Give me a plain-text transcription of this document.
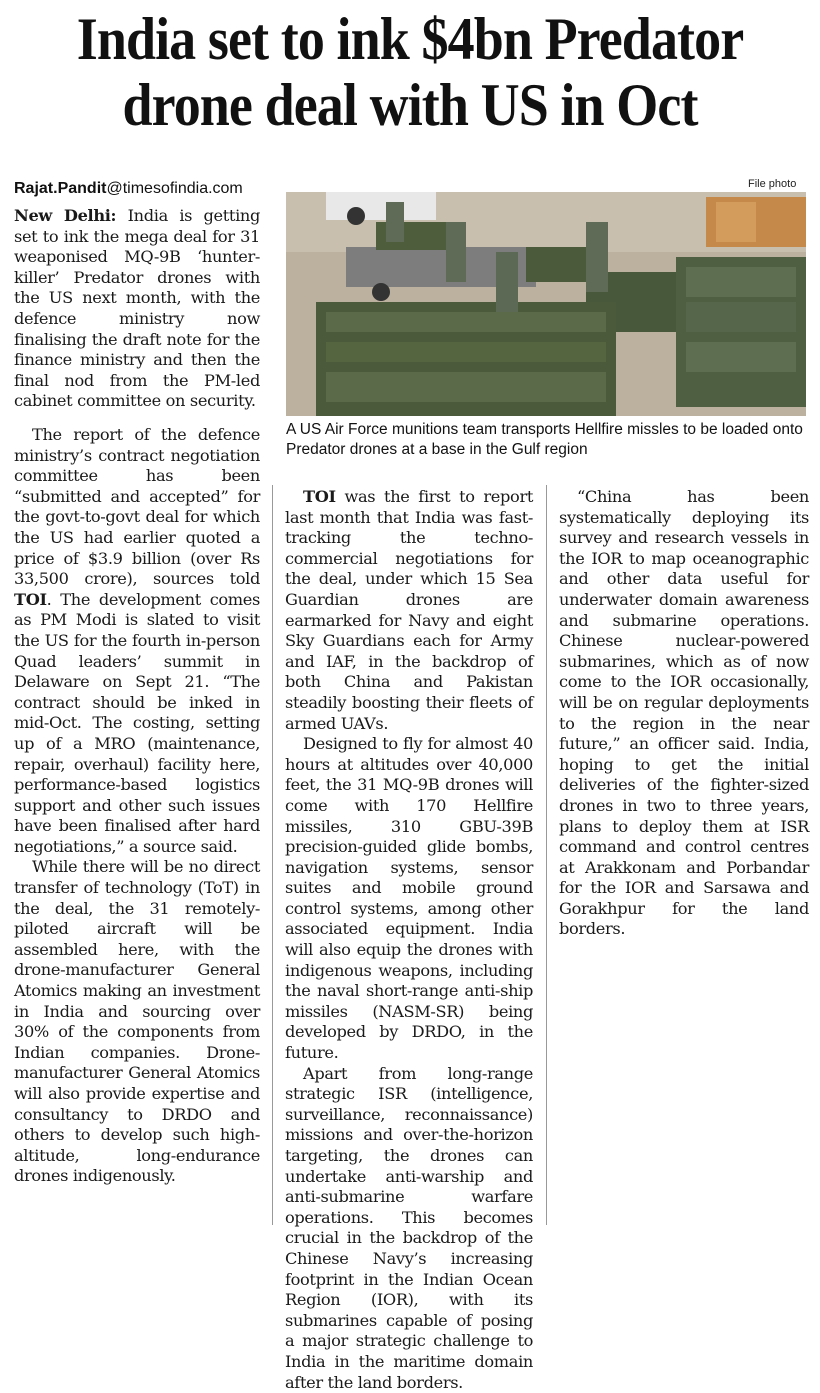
India set to ink $4bn Predator drone deal with US in Oct
Rajat.Pandit@timesofindia.com	File photo
A US Air Force munitions team transports Hellfire missles to be loaded onto Predator drones at a base in the Gulf region

New Delhi: India is getting set to ink the mega deal for 31 weaponised MQ-9B ‘hunter-killer’ Predator drones with the US next month, with the defence ministry now finalising the draft note for the finance ministry and then the final nod from the PM-led cabinet committee on security.

The report of the defence ministry’s contract negotiation committee has been “submitted and accepted” for the govt-to-govt deal for which the US had earlier quoted a price of $3.9 billion (over Rs 33,500 crore), sources told TOI. The development comes as PM Modi is slated to visit the US for the fourth in-person Quad leaders’ summit in Delaware on Sept 21. “The contract should be inked in mid-Oct. The costing, setting up of a MRO (maintenance, repair, overhaul) facility here, performance-based logistics support and other such issues have been finalised after hard negotiations,” a source said.

While there will be no direct transfer of technology (ToT) in the deal, the 31 remotely-piloted aircraft will be assembled here, with the drone-manufacturer General Atomics making an investment in India and sourcing over 30% of the components from Indian companies. Drone-manufacturer General Atomics will also provide expertise and consultancy to DRDO and others to develop such high-altitude, long-endurance drones indigenously.

TOI was the first to report last month that India was fast-tracking the techno-commercial negotiations for the deal, under which 15 Sea Guardian drones are earmarked for Navy and eight Sky Guardians each for Army and IAF, in the backdrop of both China and Pakistan steadily boosting their fleets of armed UAVs.

Designed to fly for almost 40 hours at altitudes over 40,000 feet, the 31 MQ-9B drones will come with 170 Hellfire missiles, 310 GBU-39B precision-guided glide bombs, navigation systems, sensor suites and mobile ground control systems, among other associated equipment. India will also equip the drones with indigenous weapons, including the naval short-range anti-ship missiles (NASM-SR) being developed by DRDO, in the future.

Apart from long-range strategic ISR (intelligence, surveillance, reconnaissance) missions and over-the-horizon targeting, the drones can undertake anti-warship and anti-submarine warfare operations. This becomes crucial in the backdrop of the Chinese Navy’s increasing footprint in the Indian Ocean Region (IOR), with its submarines capable of posing a major strategic challenge to India in the maritime domain after the land borders.

“China has been systematically deploying its survey and research vessels in the IOR to map oceanographic and other data useful for underwater domain awareness and submarine operations. Chinese nuclear-powered submarines, which as of now come to the IOR occasionally, will be on regular deployments to the region in the near future,” an officer said. India, hoping to get the initial deliveries of the fighter-sized drones in two to three years, plans to deploy them at ISR command and control centres at Arakkonam and Porbandar for the IOR and Sarsawa and Gorakhpur for the land borders.
